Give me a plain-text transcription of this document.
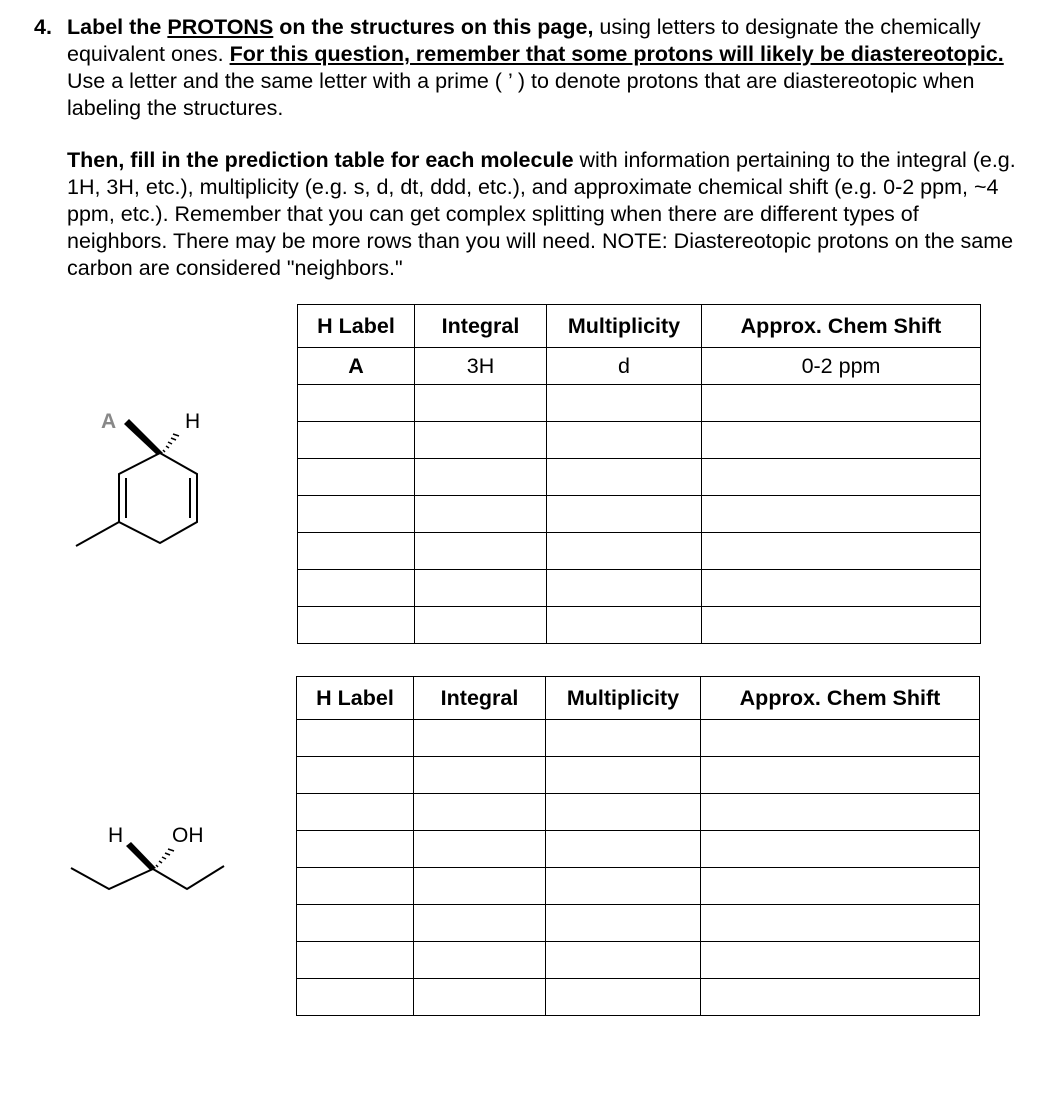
4. Label the PROTONS on the structures on this page, using letters to designate the chemically equivalent ones. For this question, remember that some protons will likely be diastereotopic. Use a letter and the same letter with a prime ( ’ ) to denote protons that are diastereotopic when labeling the structures.
Then, fill in the prediction table for each molecule with information pertaining to the integral (e.g. 1H, 3H, etc.), multiplicity (e.g. s, d, dt, ddd, etc.), and approximate chemical shift (e.g. 0-2 ppm, ~4 ppm, etc.). Remember that you can get complex splitting when there are different types of neighbors. There may be more rows than you will need. NOTE: Diastereotopic protons on the same carbon are considered "neighbors."
A	H
H OH
H Label	Integral	Multiplicity	Approx. Chem Shift
A	3H	d	0-2 ppm

H Label	Integral	Multiplicity	Approx. Chem Shift
